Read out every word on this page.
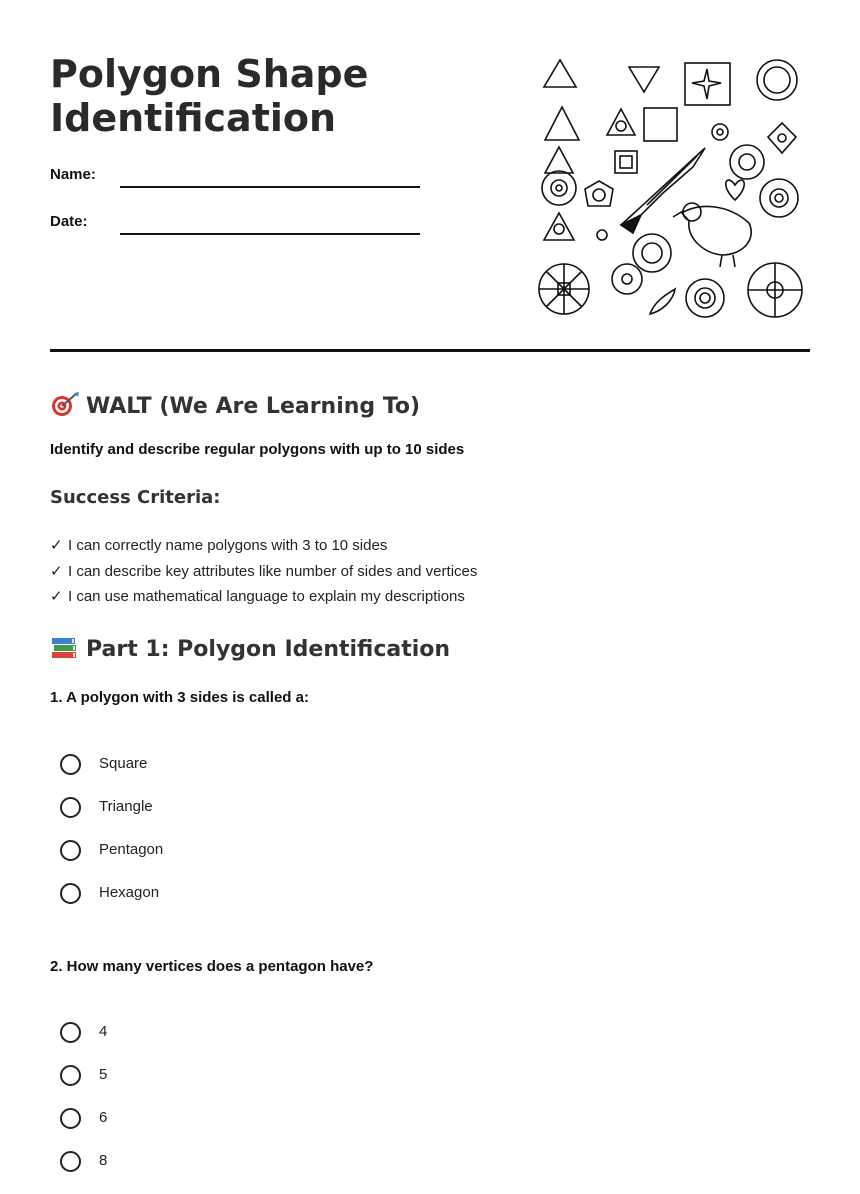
Polygon Shape
Identification
Name:
Date:
WALT (We Are Learning To)
Identify and describe regular polygons with up to 10 sides
Success Criteria:
✓ I can correctly name polygons with 3 to 10 sides
✓ I can describe key attributes like number of sides and vertices
✓ I can use mathematical language to explain my descriptions
Part 1: Polygon Identification
1. A polygon with 3 sides is called a:
Square
Triangle
Pentagon
Hexagon
2. How many vertices does a pentagon have?
4
5
6
8
